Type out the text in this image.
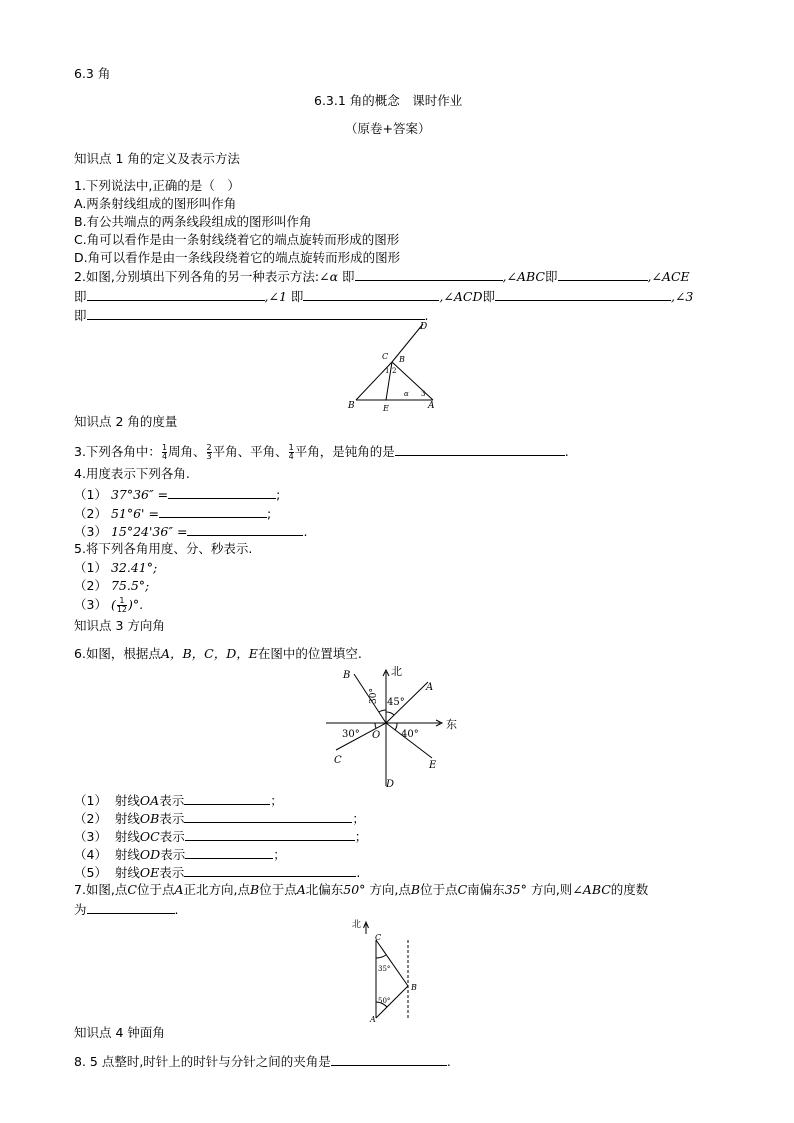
6.3 角
6.3.1 角的概念　课时作业
（原卷+答案）
知识点 1 角的定义及表示方法
1.下列说法中,正确的是（　）
A.两条射线组成的图形叫作角
B.有公共端点的两条线段组成的图形叫作角
C.角可以看作是由一条射线绕着它的端点旋转而形成的图形
D.角可以看作是由一条线段绕着它的端点旋转而形成的图形
2.如图,分别填出下列各角的另一种表示方法:∠α 即	,∠ABC即	,∠ACE
即	,∠1 即	,∠ACD即	,∠3
即	.
D
C B
1 2
α 3
B	E	A
知识点 2 角的度量
3.下列各角中： $\frac{1}{4}$ 周角、 $\frac{2}{3}$ 平角、平角、 $\frac{1}{4}$ 平角，是钝角的是	.
4.用度表示下列各角.
（1） 37°36″ =	;
（2） 51°6' =	;
（3） 15°24'36″ =	.
5.将下列各角用度、分、秒表示.
（1） 32.41°;
（2） 75.5°;
（3） ( $\frac{1}{12}$ )°.
知识点 3 方向角
6.如图，根据点A，B，C，D，E在图中的位置填空.
北
东
B
A
C	E
D
O
30° 45°
30°	40°
（1） 射线OA表示	；
（2） 射线OB表示	；
（3） 射线OC表示	；
（4） 射线OD表示	；
（5） 射线OE表示	.
7.如图,点C位于点A正北方向,点B位于点A北偏东50° 方向,点B位于点C南偏东35° 方向,则∠ABC的度数
为	.
北
C
A
B
35°
50°
知识点 4 钟面角
8. 5 点整时,时针上的时针与分针之间的夹角是	.
